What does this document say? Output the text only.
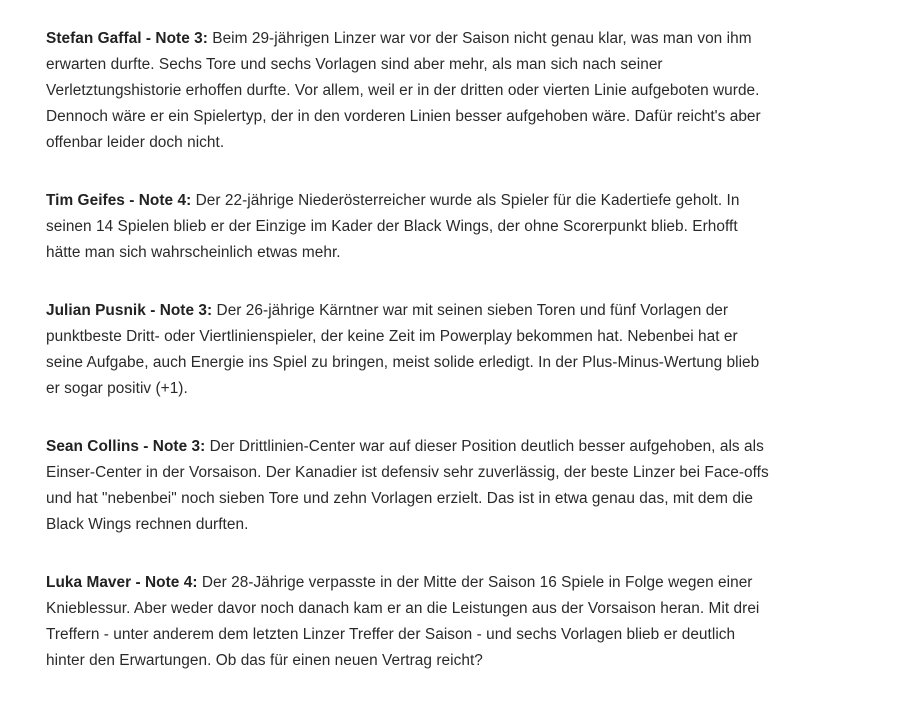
Stefan Gaffal - Note 3: Beim 29-jährigen Linzer war vor der Saison nicht genau klar, was man von ihm erwarten durfte. Sechs Tore und sechs Vorlagen sind aber mehr, als man sich nach seiner Verletztungshistorie erhoffen durfte. Vor allem, weil er in der dritten oder vierten Linie aufgeboten wurde. Dennoch wäre er ein Spielertyp, der in den vorderen Linien besser aufgehoben wäre. Dafür reicht's aber offenbar leider doch nicht.

Tim Geifes - Note 4: Der 22-jährige Niederösterreicher wurde als Spieler für die Kadertiefe geholt. In seinen 14 Spielen blieb er der Einzige im Kader der Black Wings, der ohne Scorerpunkt blieb. Erhofft hätte man sich wahrscheinlich etwas mehr.

Julian Pusnik - Note 3: Der 26-jährige Kärntner war mit seinen sieben Toren und fünf Vorlagen der punktbeste Dritt- oder Viertlinienspieler, der keine Zeit im Powerplay bekommen hat. Nebenbei hat er seine Aufgabe, auch Energie ins Spiel zu bringen, meist solide erledigt. In der Plus-Minus-Wertung blieb er sogar positiv (+1).

Sean Collins - Note 3: Der Drittlinien-Center war auf dieser Position deutlich besser aufgehoben, als als Einser-Center in der Vorsaison. Der Kanadier ist defensiv sehr zuverlässig, der beste Linzer bei Face-offs und hat "nebenbei" noch sieben Tore und zehn Vorlagen erzielt. Das ist in etwa genau das, mit dem die Black Wings rechnen durften.

Luka Maver - Note 4: Der 28-Jährige verpasste in der Mitte der Saison 16 Spiele in Folge wegen einer Knieblessur. Aber weder davor noch danach kam er an die Leistungen aus der Vorsaison heran. Mit drei Treffern - unter anderem dem letzten Linzer Treffer der Saison - und sechs Vorlagen blieb er deutlich hinter den Erwartungen. Ob das für einen neuen Vertrag reicht?
